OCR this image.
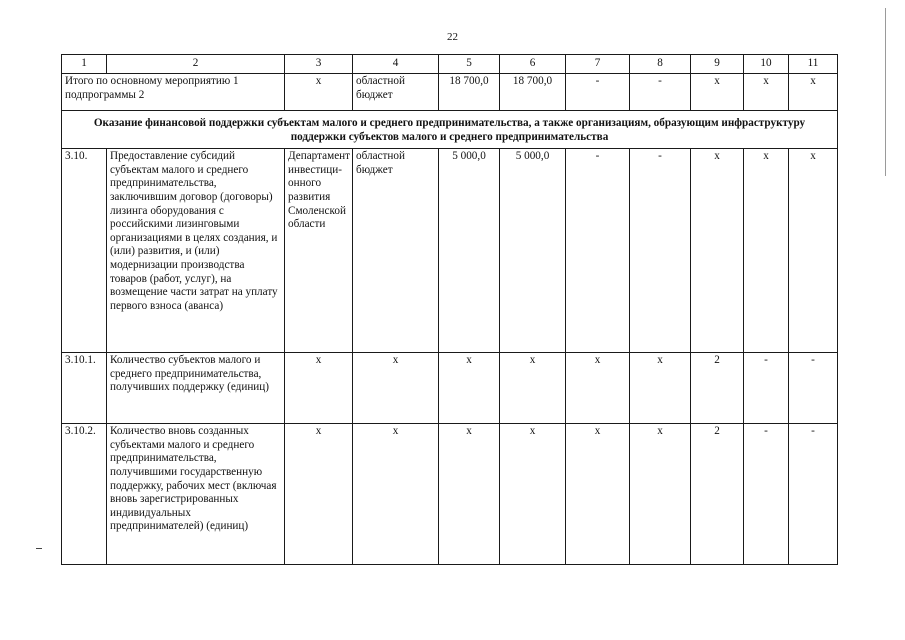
22
1	2	3	4	5	6	7	8	9	10	11
Итого по основному мероприятию 1 подпрограммы 2		x	областной бюджет	18 700,0	18 700,0	-	-	x	x	x
Оказание финансовой поддержки субъектам малого и среднего предпринимательства, а также организациям, образующим инфраструктуру поддержки субъектов малого и среднего предпринимательства										
3.10.	Предоставление субсидий субъектам малого и среднего предпринимательства, заключившим договор (договоры) лизинга оборудования с российскими лизинговыми организациями в целях создания, и (или) развития, и (или) модернизации производства товаров (работ, услуг), на возмещение части затрат на уплату первого взноса (аванса)	Департамент инвестици-онного развития Смоленской области	областной бюджет	5 000,0	5 000,0	-	-	x	x	x
3.10.1.	Количество субъектов малого и среднего предпринимательства, получивших поддержку (единиц)	x	x	x	x	x	x	2	-	-
3.10.2.	Количество вновь созданных субъектами малого и среднего предпринимательства, получившими государственную поддержку, рабочих мест (включая вновь зарегистрированных индивидуальных предпринимателей) (единиц)	x	x	x	x	x	x	2	-	-
